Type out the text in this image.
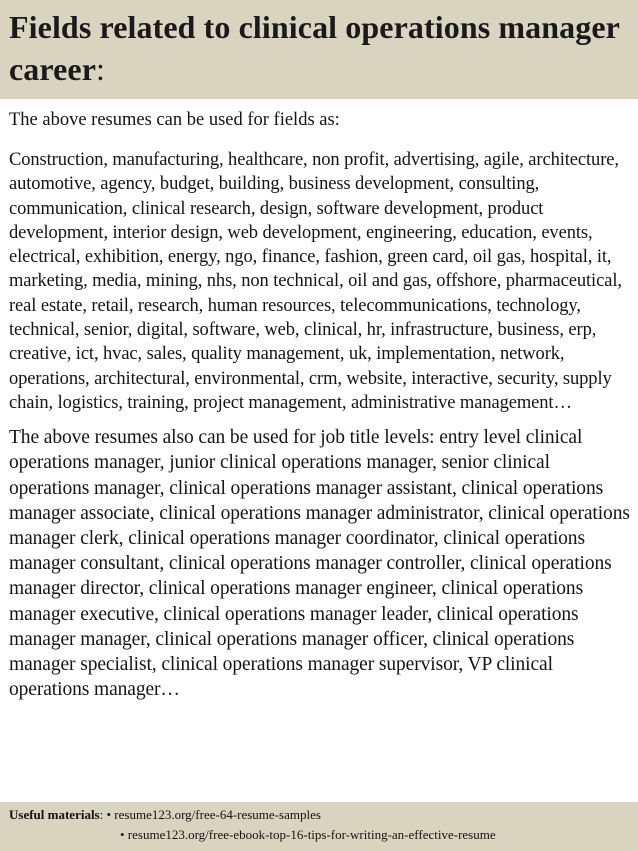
Fields related to clinical operations manager career:

The above resumes can be used for fields as:

Construction, manufacturing, healthcare, non profit, advertising, agile, architecture, automotive, agency, budget, building, business development, consulting, communication, clinical research, design, software development, product development, interior design, web development, engineering, education, events, electrical, exhibition, energy, ngo, finance, fashion, green card, oil gas, hospital, it, marketing, media, mining, nhs, non technical, oil and gas, offshore, pharmaceutical, real estate, retail, research, human resources, telecommunications, technology, technical, senior, digital, software, web, clinical, hr, infrastructure, business, erp, creative, ict, hvac, sales, quality management, uk, implementation, network, operations, architectural, environmental, crm, website, interactive, security, supply chain, logistics, training, project management, administrative management…

The above resumes also can be used for job title levels: entry level clinical operations manager, junior clinical operations manager, senior clinical operations manager, clinical operations manager assistant, clinical operations manager associate, clinical operations manager administrator, clinical operations manager clerk, clinical operations manager coordinator, clinical operations manager consultant, clinical operations manager controller, clinical operations manager director, clinical operations manager engineer, clinical operations manager executive, clinical operations manager leader, clinical operations manager manager, clinical operations manager officer, clinical operations manager specialist, clinical operations manager supervisor, VP clinical operations manager…

Useful materials: • resume123.org/free-64-resume-samples
• resume123.org/free-ebook-top-16-tips-for-writing-an-effective-resume
